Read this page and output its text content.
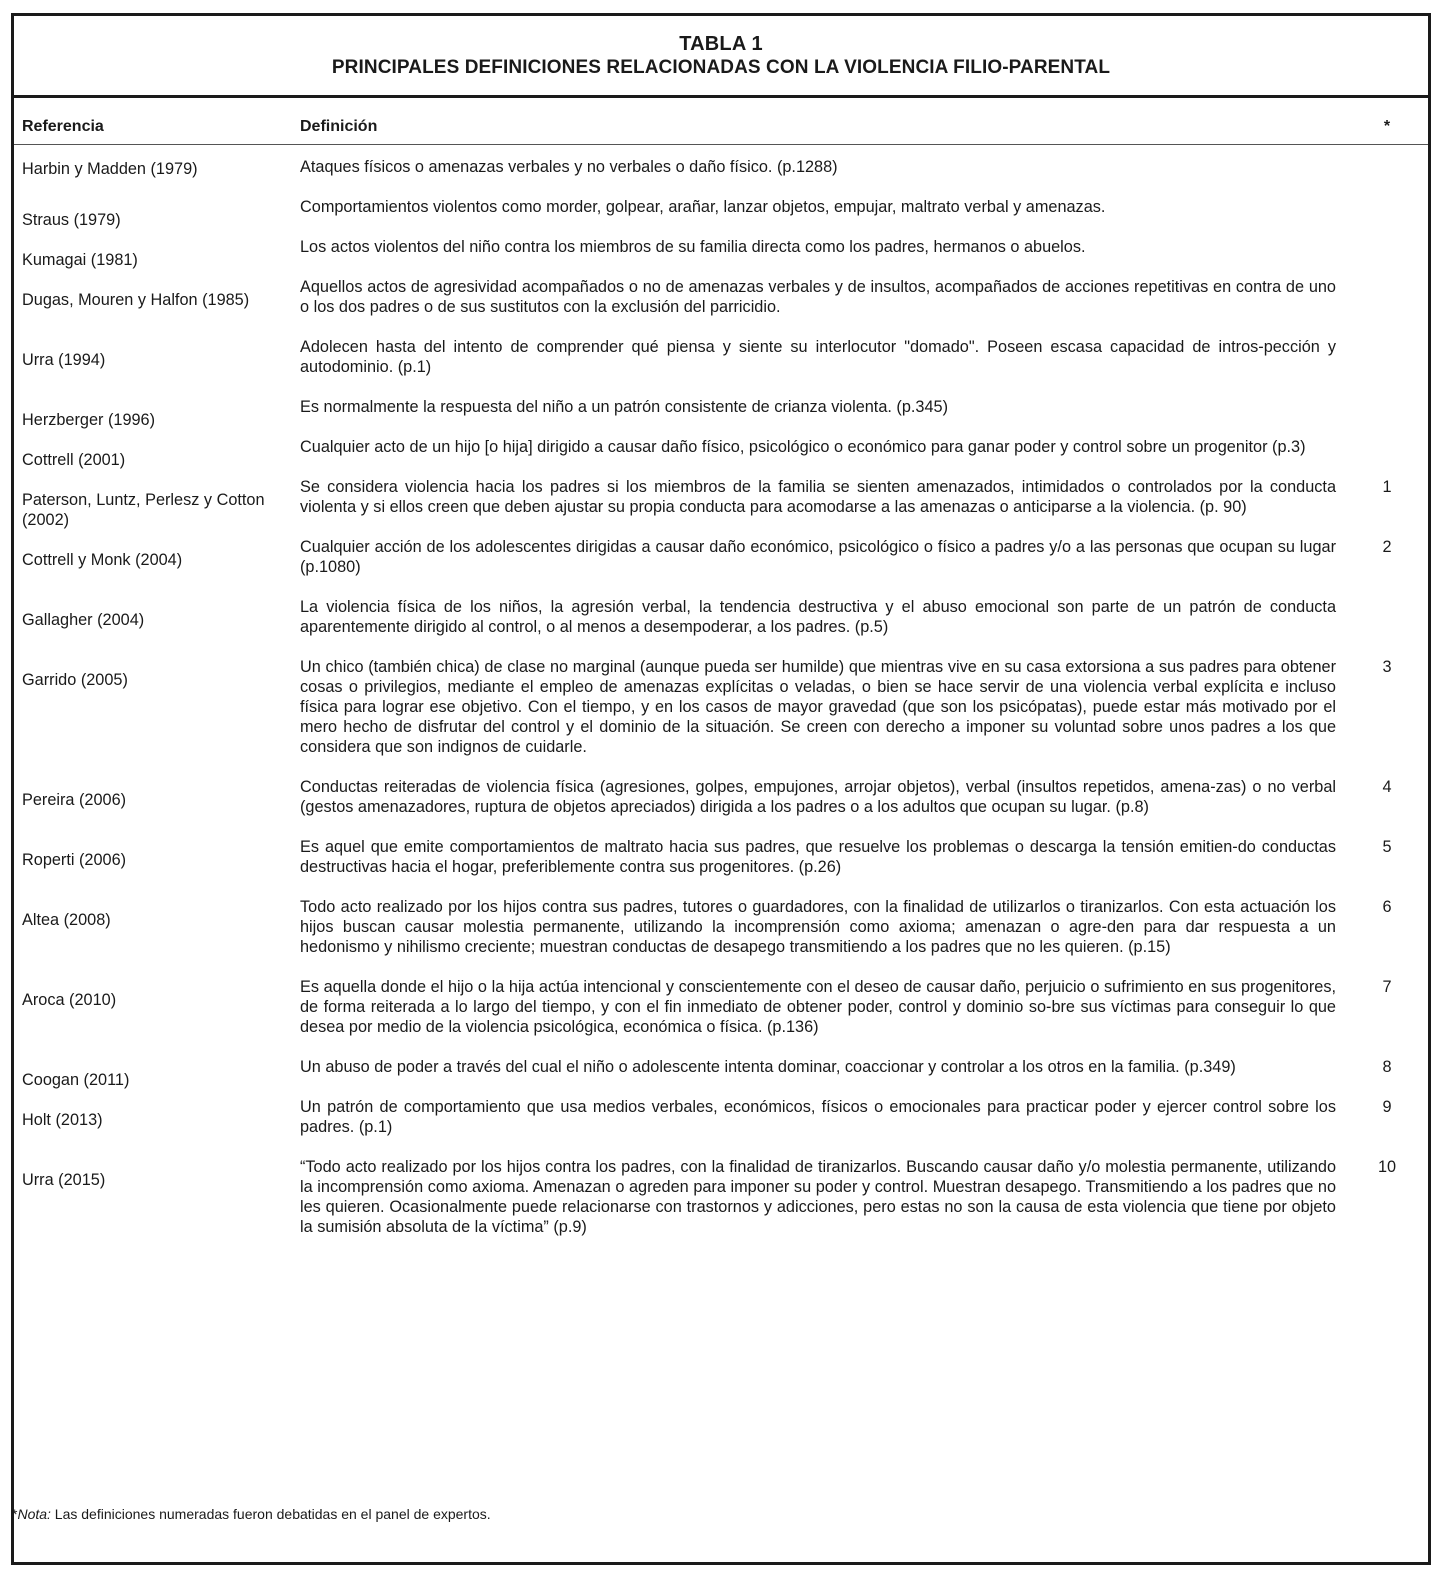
TABLA 1
PRINCIPALES DEFINICIONES RELACIONADAS CON LA VIOLENCIA FILIO-PARENTAL
Referencia	Definición	*
Harbin y Madden (1979)	Ataques físicos o amenazas verbales y no verbales o daño físico. (p.1288)	
Straus (1979)	Comportamientos violentos como morder, golpear, arañar, lanzar objetos, empujar, maltrato verbal y amenazas.	
Kumagai (1981)	Los actos violentos del niño contra los miembros de su familia directa como los padres, hermanos o abuelos.	
Dugas, Mouren y Halfon (1985)	Aquellos actos de agresividad acompañados o no de amenazas verbales y de insultos, acompañados de acciones repetitivas en contra de uno o los dos padres o de sus sustitutos con la exclusión del parricidio.	
Urra (1994)	Adolecen hasta del intento de comprender qué piensa y siente su interlocutor "domado". Poseen escasa capacidad de intros-pección y autodominio. (p.1)	
Herzberger (1996)	Es normalmente la respuesta del niño a un patrón consistente de crianza violenta. (p.345)	
Cottrell (2001)	Cualquier acto de un hijo [o hija] dirigido a causar daño físico, psicológico o económico para ganar poder y control sobre un progenitor (p.3)	
Paterson, Luntz, Perlesz y Cotton (2002)	Se considera violencia hacia los padres si los miembros de la familia se sienten amenazados, intimidados o controlados por la conducta violenta y si ellos creen que deben ajustar su propia conducta para acomodarse a las amenazas o anticiparse a la violencia. (p. 90)	1
Cottrell y Monk (2004)	Cualquier acción de los adolescentes dirigidas a causar daño económico, psicológico o físico a padres y/o a las personas que ocupan su lugar (p.1080)	2
Gallagher (2004)	La violencia física de los niños, la agresión verbal, la tendencia destructiva y el abuso emocional son parte de un patrón de conducta aparentemente dirigido al control, o al menos a desempoderar, a los padres. (p.5)	
Garrido (2005)	Un chico (también chica) de clase no marginal (aunque pueda ser humilde) que mientras vive en su casa extorsiona a sus padres para obtener cosas o privilegios, mediante el empleo de amenazas explícitas o veladas, o bien se hace servir de una violencia verbal explícita e incluso física para lograr ese objetivo. Con el tiempo, y en los casos de mayor gravedad (que son los psicópatas), puede estar más motivado por el mero hecho de disfrutar del control y el dominio de la situación. Se creen con derecho a imponer su voluntad sobre unos padres a los que considera que son indignos de cuidarle.	3
Pereira (2006)	Conductas reiteradas de violencia física (agresiones, golpes, empujones, arrojar objetos), verbal (insultos repetidos, amena-zas) o no verbal (gestos amenazadores, ruptura de objetos apreciados) dirigida a los padres o a los adultos que ocupan su lugar. (p.8)	4
Roperti (2006)	Es aquel que emite comportamientos de maltrato hacia sus padres, que resuelve los problemas o descarga la tensión emitien-do conductas destructivas hacia el hogar, preferiblemente contra sus progenitores. (p.26)	5
Altea (2008)	Todo acto realizado por los hijos contra sus padres, tutores o guardadores, con la finalidad de utilizarlos o tiranizarlos. Con esta actuación los hijos buscan causar molestia permanente, utilizando la incomprensión como axioma; amenazan o agre-den para dar respuesta a un hedonismo y nihilismo creciente; muestran conductas de desapego transmitiendo a los padres que no les quieren. (p.15)	6
Aroca (2010)	Es aquella donde el hijo o la hija actúa intencional y conscientemente con el deseo de causar daño, perjuicio o sufrimiento en sus progenitores, de forma reiterada a lo largo del tiempo, y con el fin inmediato de obtener poder, control y dominio so-bre sus víctimas para conseguir lo que desea por medio de la violencia psicológica, económica o física. (p.136)	7
Coogan (2011)	Un abuso de poder a través del cual el niño o adolescente intenta dominar, coaccionar y controlar a los otros en la familia. (p.349)	8
Holt (2013)	Un patrón de comportamiento que usa medios verbales, económicos, físicos o emocionales para practicar poder y ejercer control sobre los padres. (p.1)	9
Urra (2015)	“Todo acto realizado por los hijos contra los padres, con la finalidad de tiranizarlos. Buscando causar daño y/o molestia permanente, utilizando la incomprensión como axioma. Amenazan o agreden para imponer su poder y control. Muestran desapego. Transmitiendo a los padres que no les quieren. Ocasionalmente puede relacionarse con trastornos y adicciones, pero estas no son la causa de esta violencia que tiene por objeto la sumisión absoluta de la víctima” (p.9)	10
*Nota: Las definiciones numeradas fueron debatidas en el panel de expertos.
